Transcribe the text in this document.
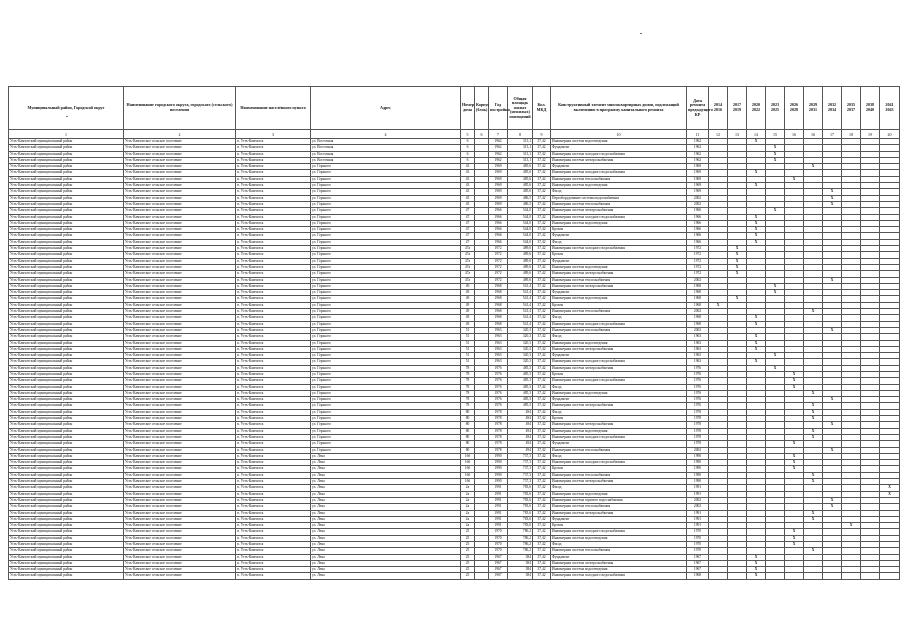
Муниципальный район, Городской округ	Наименование городского округа, городского (сельского) поселения	Наименование населённого пункта	Адрес	Номер дома	Корпус (блок)	Год постройки	Общая площадь жилых (нежилых) помещений	Кол. МКД	Конструктивный элемент многоквартирных домов, подлежащий включению в программу капитального ремонта	Дата ремонта предыдущего КР	2014 2016	2017 2019	2020 2022	2023 2025	2026 2028	2029 2031	2032 2034	2035 2037	2038 2040	2041 2043
1	2	3	4	5	6	7	8	9	10	11	12	13	14	15	16	16	17	18	19	20
Усть-Камчатский муниципальный район	Усть-Камчатское сельское поселение	п. Усть-Камчатск	ул. Восточная	6		1962	313,1	37,42	Инженерная система водоотведения	1962			X							
Усть-Камчатский муниципальный район	Усть-Камчатское сельское поселение	п. Усть-Камчатск	ул. Восточная	6		1962	313,1	37,42	Фундамент	1962				X						
Усть-Камчатский муниципальный район	Усть-Камчатское сельское поселение	п. Усть-Камчатск	ул. Восточная	6		1962	313,1	37,42	Инженерная система холодного водоснабжения	1962				X						
Усть-Камчатский муниципальный район	Усть-Камчатское сельское поселение	п. Усть-Камчатск	ул. Восточная	6		1962	313,1	37,42	Инженерная система электроснабжения	1962				X						
Усть-Камчатский муниципальный район	Усть-Камчатское сельское поселение	п. Усть-Камчатск	ул. Горького	43		1969	485,6	37,42	Фундамент	1969						X				
Усть-Камчатский муниципальный район	Усть-Камчатское сельское поселение	п. Усть-Камчатск	ул. Горького	43		1969	485,6	37,42	Инженерная система холодного водоснабжения	1969			X							
Усть-Камчатский муниципальный район	Усть-Камчатское сельское поселение	п. Усть-Камчатск	ул. Горького	43		1969	485,6	37,42	Инженерная система теплоснабжения	1969					X					
Усть-Камчатский муниципальный район	Усть-Камчатское сельское поселение	п. Усть-Камчатск	ул. Горького	43		1969	485,6	37,42	Инженерная система водоотведения	1969			X							
Усть-Камчатский муниципальный район	Усть-Камчатское сельское поселение	п. Усть-Камчатск	ул. Горького	43		1969	485,6	37,42	Фасад	1969							X			
Усть-Камчатский муниципальный район	Усть-Камчатское сельское поселение	п. Усть-Камчатск	ул. Горького	45		1969	486,5	37,42	Переоборудование системы водоснабжения	2002							X			
Усть-Камчатский муниципальный район	Усть-Камчатское сельское поселение	п. Усть-Камчатск	ул. Горького	45		1969	486,5	37,42	Инженерная система теплоснабжения	2002							X			
Усть-Камчатский муниципальный район	Усть-Камчатское сельское поселение	п. Усть-Камчатск	ул. Горького	47		1966	544,0	37,42	Инженерная система электроснабжения	1966				X						
Усть-Камчатский муниципальный район	Усть-Камчатское сельское поселение	п. Усть-Камчатск	ул. Горького	47		1966	544,0	37,42	Инженерная система холодного водоснабжения	1966			X							
Усть-Камчатский муниципальный район	Усть-Камчатское сельское поселение	п. Усть-Камчатск	ул. Горького	47		1966	544,0	37,42	Инженерная система водоотведения	1966			X							
Усть-Камчатский муниципальный район	Усть-Камчатское сельское поселение	п. Усть-Камчатск	ул. Горького	47		1966	544,0	37,42	Кровля	1966			X							
Усть-Камчатский муниципальный район	Усть-Камчатское сельское поселение	п. Усть-Камчатск	ул. Горького	47		1966	544,0	37,42	Фундамент	1966			X							
Усть-Камчатский муниципальный район	Усть-Камчатское сельское поселение	п. Усть-Камчатск	ул. Горького	47		1966	544,0	37,42	Фасад	1966			X							
Усть-Камчатский муниципальный район	Усть-Камчатское сельское поселение	п. Усть-Камчатск	ул. Горького	47а		1972	489,6	37,42	Инженерная система холодного водоснабжения	1972		X								
Усть-Камчатский муниципальный район	Усть-Камчатское сельское поселение	п. Усть-Камчатск	ул. Горького	47а		1972	489,6	37,42	Кровля	1972		X								
Усть-Камчатский муниципальный район	Усть-Камчатское сельское поселение	п. Усть-Камчатск	ул. Горького	47а		1972	489,6	37,42	Фундамент	1972		X								
Усть-Камчатский муниципальный район	Усть-Камчатское сельское поселение	п. Усть-Камчатск	ул. Горького	47а		1972	489,6	37,42	Инженерная система водоотведения	1972		X								
Усть-Камчатский муниципальный район	Усть-Камчатское сельское поселение	п. Усть-Камчатск	ул. Горького	47а		1972	489,6	37,42	Инженерная система электроснабжения	1972		X								
Усть-Камчатский муниципальный район	Усть-Камчатское сельское поселение	п. Усть-Камчатск	ул. Горького	47а		1972	489,6	37,42	Инженерная система теплоснабжения	2002							X			
Усть-Камчатский муниципальный район	Усть-Камчатское сельское поселение	п. Усть-Камчатск	ул. Горького	49		1968	541,4	37,42	Инженерная система электроснабжения	1968				X						
Усть-Камчатский муниципальный район	Усть-Камчатское сельское поселение	п. Усть-Камчатск	ул. Горького	49		1968	541,4	37,42	Фундамент	1968				X						
Усть-Камчатский муниципальный район	Усть-Камчатское сельское поселение	п. Усть-Камчатск	ул. Горького	49		1968	541,4	37,42	Инженерная система водоотведения	1968		X								
Усть-Камчатский муниципальный район	Усть-Камчатское сельское поселение	п. Усть-Камчатск	ул. Горького	49		1968	541,4	37,42	Кровля	1968	X									
Усть-Камчатский муниципальный район	Усть-Камчатское сельское поселение	п. Усть-Камчатск	ул. Горького	49		1968	541,4	37,42	Инженерная система теплоснабжения	2002						X				
Усть-Камчатский муниципальный район	Усть-Камчатское сельское поселение	п. Усть-Камчатск	ул. Горького	49		1968	541,4	37,42	Фасад	1968			X							
Усть-Камчатский муниципальный район	Усть-Камчатское сельское поселение	п. Усть-Камчатск	ул. Горького	49		1968	541,4	37,42	Инженерная система холодного водоснабжения	1968			X							
Усть-Камчатский муниципальный район	Усть-Камчатское сельское поселение	п. Усть-Камчатск	ул. Горького	51		1963	320,3	37,42	Инженерная система теплоснабжения	2002							X			
Усть-Камчатский муниципальный район	Усть-Камчатское сельское поселение	п. Усть-Камчатск	ул. Горького	51		1963	320,3	37,42	Фасад	1963			X							
Усть-Камчатский муниципальный район	Усть-Камчатское сельское поселение	п. Усть-Камчатск	ул. Горького	51		1963	320,3	37,42	Инженерная система водоотведения	1963			X							
Усть-Камчатский муниципальный район	Усть-Камчатское сельское поселение	п. Усть-Камчатск	ул. Горького	51		1963	320,3	37,42	Инженерная система электроснабжения	1963			X							
Усть-Камчатский муниципальный район	Усть-Камчатское сельское поселение	п. Усть-Камчатск	ул. Горького	51		1963	320,3	37,42	Фундамент	1963				X						
Усть-Камчатский муниципальный район	Усть-Камчатское сельское поселение	п. Усть-Камчатск	ул. Горького	51		1963	320,3	37,42	Инженерная система холодного водоснабжения	1963			X							
Усть-Камчатский муниципальный район	Усть-Камчатское сельское поселение	п. Усть-Камчатск	ул. Горького	78		1976	485,3	37,42	Инженерная система электроснабжения	1976				X						
Усть-Камчатский муниципальный район	Усть-Камчатское сельское поселение	п. Усть-Камчатск	ул. Горького	78		1976	485,3	37,42	Кровля	1976					X					
Усть-Камчатский муниципальный район	Усть-Камчатское сельское поселение	п. Усть-Камчатск	ул. Горького	78		1976	485,3	37,42	Инженерная система холодного водоснабжения	1976					X					
Усть-Камчатский муниципальный район	Усть-Камчатское сельское поселение	п. Усть-Камчатск	ул. Горького	78		1976	485,3	37,42	Фасад	1976					X					
Усть-Камчатский муниципальный район	Усть-Камчатское сельское поселение	п. Усть-Камчатск	ул. Горького	78		1976	485,3	37,42	Инженерная система водоотведения	1976						X				
Усть-Камчатский муниципальный район	Усть-Камчатское сельское поселение	п. Усть-Камчатск	ул. Горького	78		1976	485,3	37,42	Фундамент	1976							X			
Усть-Камчатский муниципальный район	Усть-Камчатское сельское поселение	п. Усть-Камчатск	ул. Горького	78		1976	485,3	37,42	Инженерная система электроснабжения	1976						X				
Усть-Камчатский муниципальный район	Усть-Камчатское сельское поселение	п. Усть-Камчатск	ул. Горького	80		1978	494	37,42	Фасад	1978						X				
Усть-Камчатский муниципальный район	Усть-Камчатское сельское поселение	п. Усть-Камчатск	ул. Горького	80		1978	494	37,42	Кровля	1978						X				
Усть-Камчатский муниципальный район	Усть-Камчатское сельское поселение	п. Усть-Камчатск	ул. Горького	80		1978	494	37,42	Инженерная система электроснабжения	1978							X			
Усть-Камчатский муниципальный район	Усть-Камчатское сельское поселение	п. Усть-Камчатск	ул. Горького	80		1978	494	37,42	Инженерная система водоотведения	1978						X				
Усть-Камчатский муниципальный район	Усть-Камчатское сельское поселение	п. Усть-Камчатск	ул. Горького	80		1978	494	37,42	Инженерная система холодного водоснабжения	1978						X				
Усть-Камчатский муниципальный район	Усть-Камчатское сельское поселение	п. Усть-Камчатск	ул. Горького	80		1978	494	37,42	Фундамент	1978					X					
Усть-Камчатский муниципальный район	Усть-Камчатское сельское поселение	п. Усть-Камчатск	ул. Горького	80		1978	494	37,42	Инженерная система теплоснабжения	2002							X			
Усть-Камчатский муниципальный район	Усть-Камчатское сельское поселение	п. Усть-Камчатск	ул. Лена	16б		1990	737,3	37,42	Фасад	1990					X					
Усть-Камчатский муниципальный район	Усть-Камчатское сельское поселение	п. Усть-Камчатск	ул. Лена	16б		1990	737,3	37,42	Инженерная система холодного водоснабжения	1990					X					
Усть-Камчатский муниципальный район	Усть-Камчатское сельское поселение	п. Усть-Камчатск	ул. Лена	16б		1990	737,3	37,42	Кровля	1990					X					
Усть-Камчатский муниципальный район	Усть-Камчатское сельское поселение	п. Усть-Камчатск	ул. Лена	16б		1990	737,3	37,42	Инженерная система теплоснабжения	1990						X				
Усть-Камчатский муниципальный район	Усть-Камчатское сельское поселение	п. Усть-Камчатск	ул. Лена	16б		1990	737,3	37,42	Инженерная система электроснабжения	1990						X				
Усть-Камчатский муниципальный район	Усть-Камчатское сельское поселение	п. Усть-Камчатск	ул. Лена	2а		1991	783,6	37,42	Фасад	1991										X
Усть-Камчатский муниципальный район	Усть-Камчатское сельское поселение	п. Усть-Камчатск	ул. Лена	2а		1991	783,6	37,42	Инженерная система водоотведения	1991										X
Усть-Камчатский муниципальный район	Усть-Камчатское сельское поселение	п. Усть-Камчатск	ул. Лена	2а		1991	783,6	37,42	Инженерная система горячего водоснабжения	2002							X			
Усть-Камчатский муниципальный район	Усть-Камчатское сельское поселение	п. Усть-Камчатск	ул. Лена	2а		1991	783,6	37,42	Инженерная система теплоснабжения	2002							X			
Усть-Камчатский муниципальный район	Усть-Камчатское сельское поселение	п. Усть-Камчатск	ул. Лена	2а		1991	783,6	37,42	Инженерная система электроснабжения	1991						X				
Усть-Камчатский муниципальный район	Усть-Камчатское сельское поселение	п. Усть-Камчатск	ул. Лена	2а		1991	783,6	37,42	Фундамент	1991						X				
Усть-Камчатский муниципальный район	Усть-Камчатское сельское поселение	п. Усть-Камчатск	ул. Лена	2а		1991	783,6	37,42	Кровля	1991								X		
Усть-Камчатский муниципальный район	Усть-Камчатское сельское поселение	п. Усть-Камчатск	ул. Лена	25		1970	786,2	37,42	Инженерная система холодного водоснабжения	1970					X					
Усть-Камчатский муниципальный район	Усть-Камчатское сельское поселение	п. Усть-Камчатск	ул. Лена	25		1970	786,2	37,42	Инженерная система водоотведения	1970					X					
Усть-Камчатский муниципальный район	Усть-Камчатское сельское поселение	п. Усть-Камчатск	ул. Лена	25		1970	786,2	37,42	Фасад	1970					X					
Усть-Камчатский муниципальный район	Усть-Камчатское сельское поселение	п. Усть-Камчатск	ул. Лена	25		1970	786,2	37,42	Инженерная система теплоснабжения	1970						X				
Усть-Камчатский муниципальный район	Усть-Камчатское сельское поселение	п. Усть-Камчатск	ул. Лена	25		1967	384	37,42	Фундамент	1967			X							
Усть-Камчатский муниципальный район	Усть-Камчатское сельское поселение	п. Усть-Камчатск	ул. Лена	25		1967	384	37,42	Инженерная система электроснабжения	1967			X							
Усть-Камчатский муниципальный район	Усть-Камчатское сельское поселение	п. Усть-Камчатск	ул. Лена	25		1967	384	37,42	Инженерная система водоотведения	1967			X							
Усть-Камчатский муниципальный район	Усть-Камчатское сельское поселение	п. Усть-Камчатск	ул. Лена	25		1967	384	37,42	Инженерная система холодного водоснабжения	1968			X							
